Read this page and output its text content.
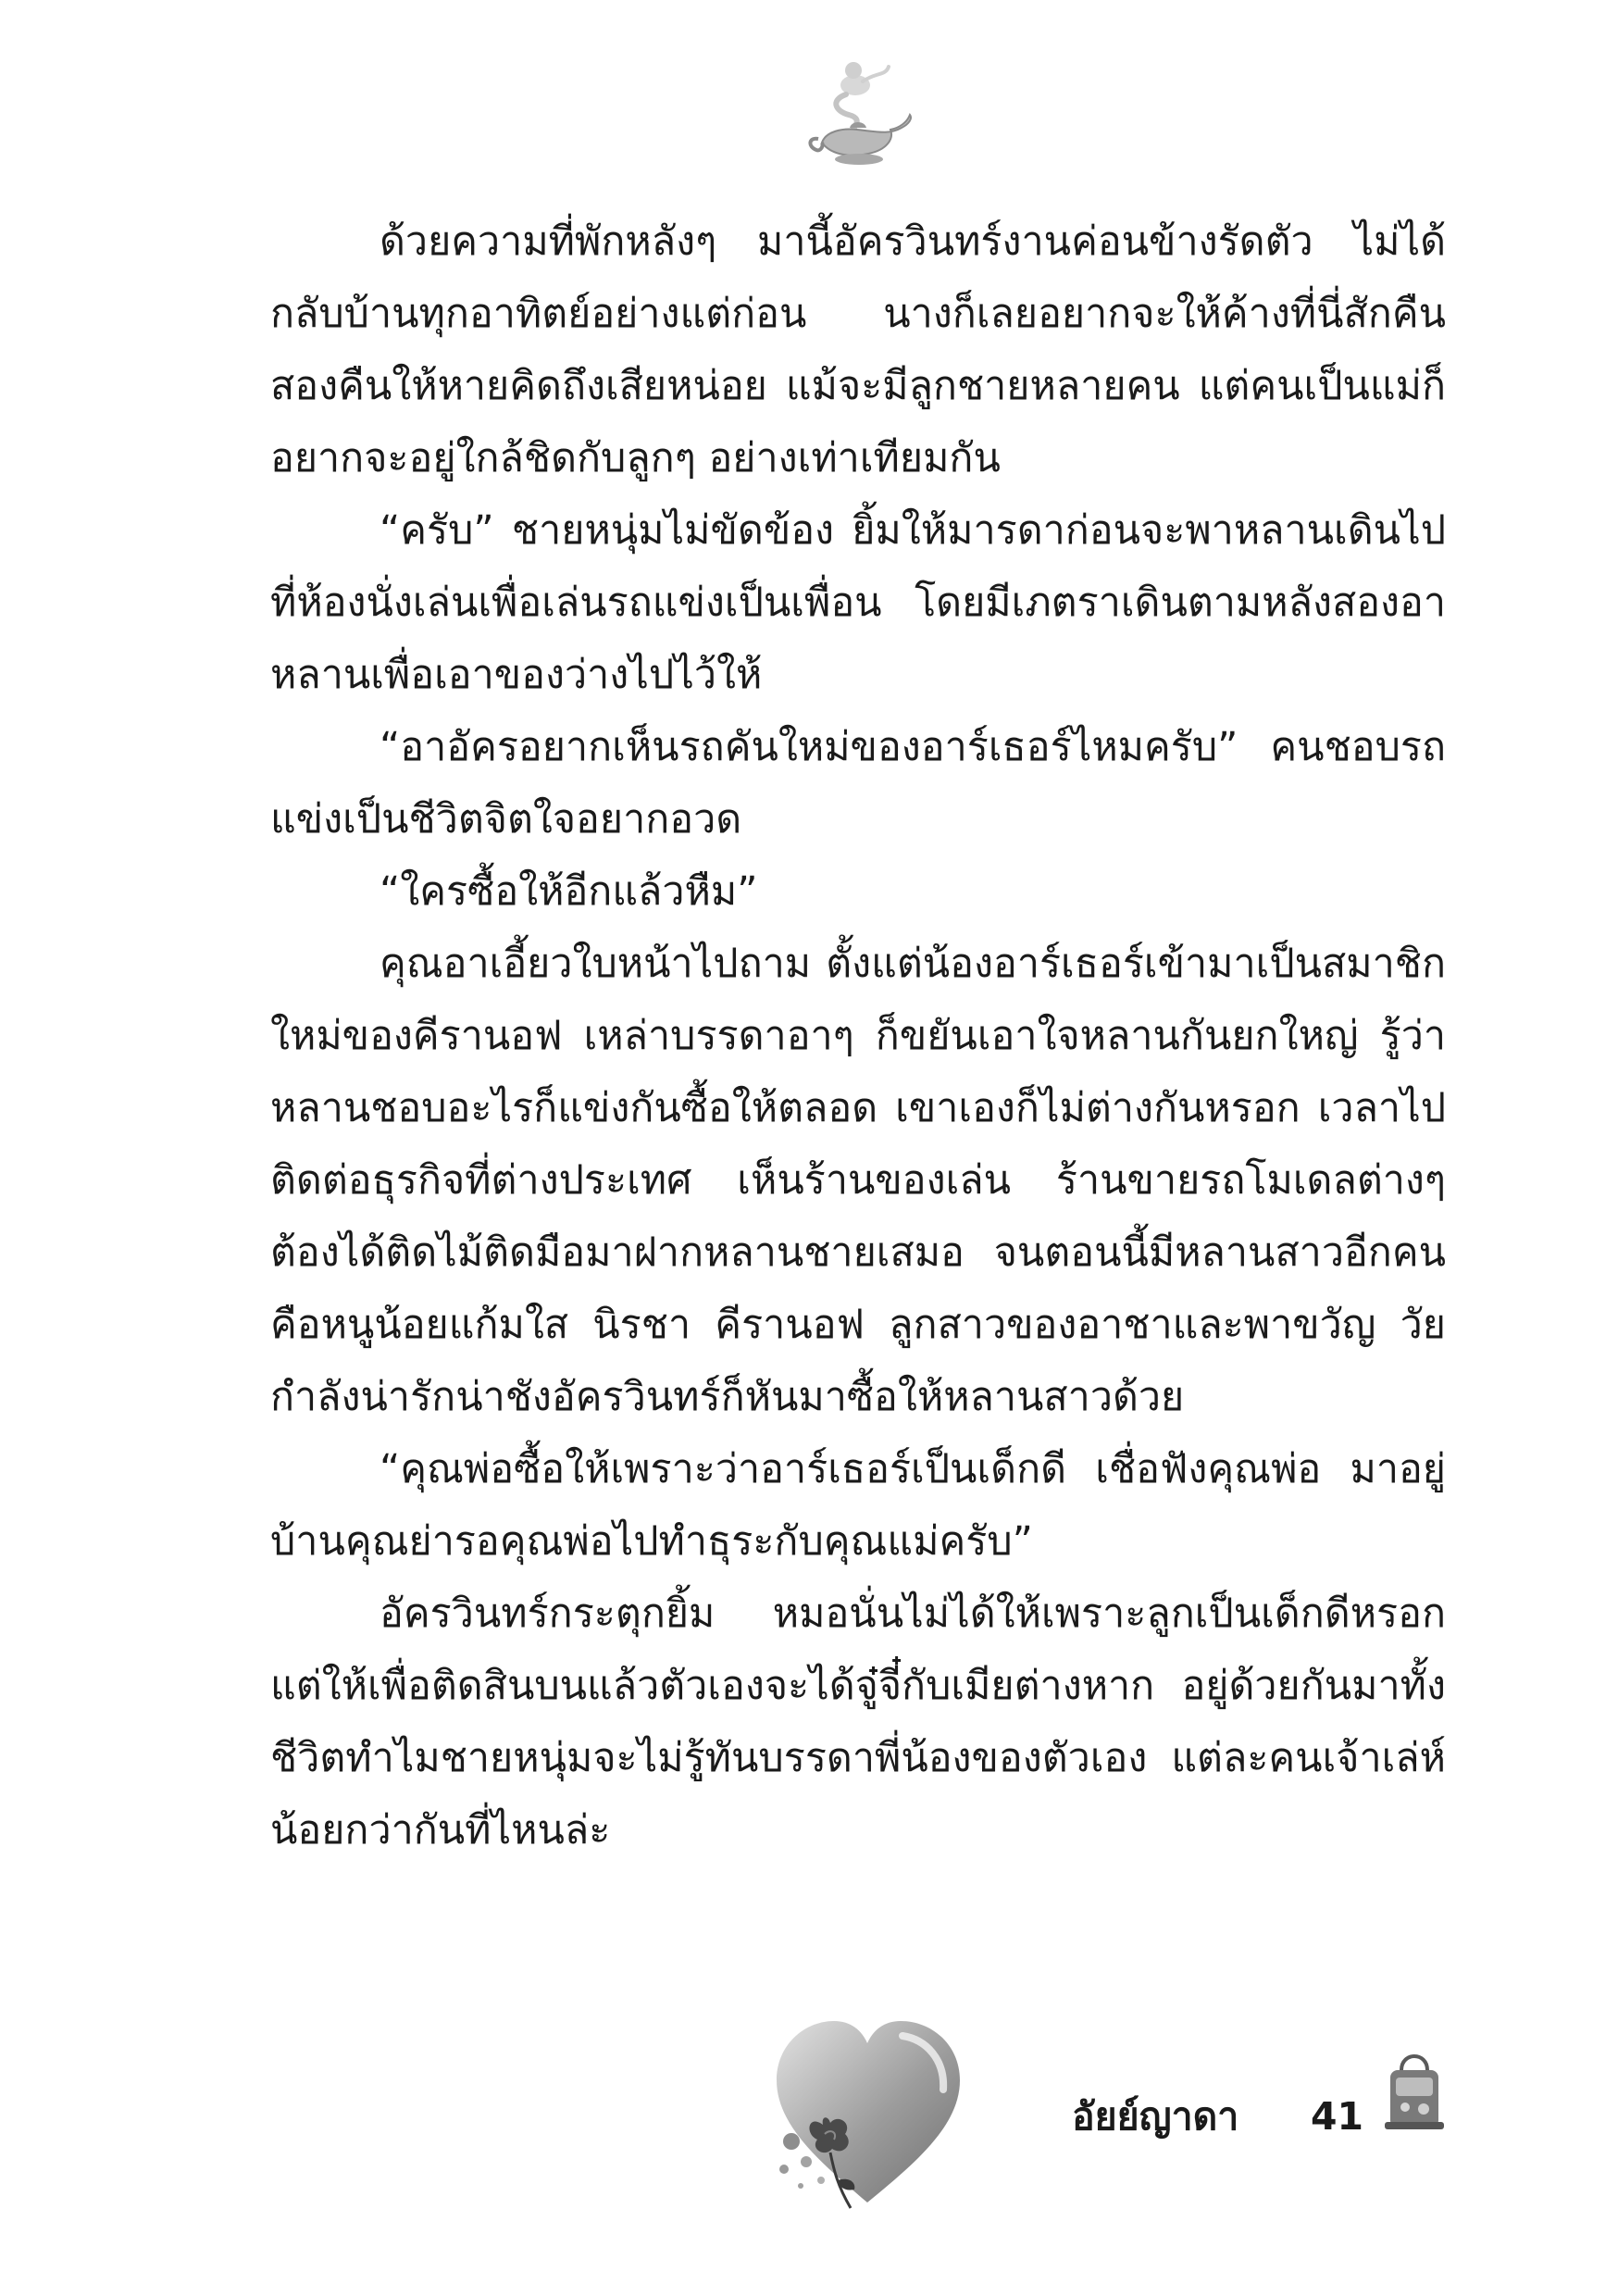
ด้วยความที่พักหลังๆ มานี้อัครวินทร์งานค่อนข้างรัดตัว ไม่ได้กลับบ้านทุกอาทิตย์อย่างแต่ก่อน นางก็เลยอยากจะให้ค้างที่นี่สักคืนสองคืนให้หายคิดถึงเสียหน่อย แม้จะมีลูกชายหลายคน แต่คนเป็นแม่ก็อยากจะอยู่ใกล้ชิดกับลูกๆ อย่างเท่าเทียมกัน

“ครับ” ชายหนุ่มไม่ขัดข้อง ยิ้มให้มารดาก่อนจะพาหลานเดินไปที่ห้องนั่งเล่นเพื่อเล่นรถแข่งเป็นเพื่อน โดยมีเภตราเดินตามหลังสองอาหลานเพื่อเอาของว่างไปไว้ให้

“อาอัครอยากเห็นรถคันใหม่ของอาร์เธอร์ไหมครับ” คนชอบรถแข่งเป็นชีวิตจิตใจอยากอวด

“ใครซื้อให้อีกแล้วหืม”

คุณอาเอี้ยวใบหน้าไปถาม ตั้งแต่น้องอาร์เธอร์เข้ามาเป็นสมาชิกใหม่ของคีรานอฟ เหล่าบรรดาอาๆ ก็ขยันเอาใจหลานกันยกใหญ่ รู้ว่าหลานชอบอะไรก็แข่งกันซื้อให้ตลอด เขาเองก็ไม่ต่างกันหรอก เวลาไปติดต่อธุรกิจที่ต่างประเทศ เห็นร้านของเล่น ร้านขายรถโมเดลต่างๆ ต้องได้ติดไม้ติดมือมาฝากหลานชายเสมอ จนตอนนี้มีหลานสาวอีกคน คือหนูน้อยแก้มใส นิรชา คีรานอฟ ลูกสาวของอาชาและพาขวัญ วัยกำลังน่ารักน่าชังอัครวินทร์ก็หันมาซื้อให้หลานสาวด้วย

“คุณพ่อซื้อให้เพราะว่าอาร์เธอร์เป็นเด็กดี เชื่อฟังคุณพ่อ มาอยู่บ้านคุณย่ารอคุณพ่อไปทำธุระกับคุณแม่ครับ”

อัครวินทร์กระตุกยิ้ม หมอนั่นไม่ได้ให้เพราะลูกเป็นเด็กดีหรอก แต่ให้เพื่อติดสินบนแล้วตัวเองจะได้จู๋จี๋กับเมียต่างหาก อยู่ด้วยกันมาทั้งชีวิตทำไมชายหนุ่มจะไม่รู้ทันบรรดาพี่น้องของตัวเอง แต่ละคนเจ้าเล่ห์น้อยกว่ากันที่ไหนล่ะ

อัยย์ญาดา 41
